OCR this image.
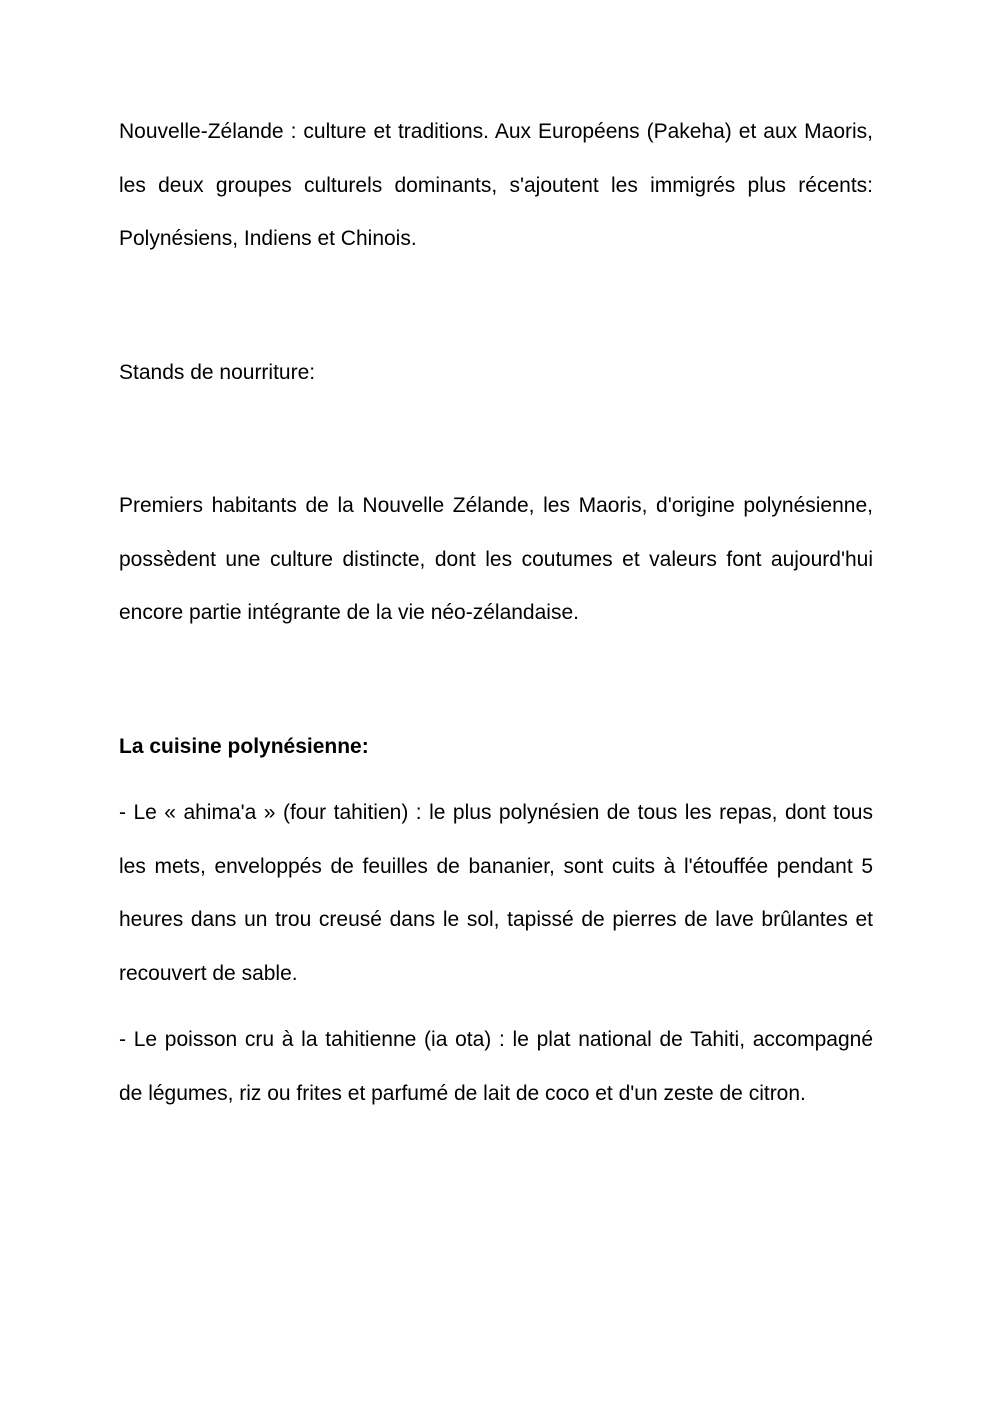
Nouvelle-Zélande : culture et traditions. Aux Européens (Pakeha) et aux Maoris, les deux groupes culturels dominants, s'ajoutent les immigrés plus récents: Polynésiens, Indiens et Chinois.

Stands de nourriture:

Premiers habitants de la Nouvelle Zélande, les Maoris, d'origine polynésienne, possèdent une culture distincte, dont les coutumes et valeurs font aujourd'hui encore partie intégrante de la vie néo-zélandaise.

La cuisine polynésienne:

- Le « ahima'a » (four tahitien) : le plus polynésien de tous les repas, dont tous les mets, enveloppés de feuilles de bananier, sont cuits à l'étouffée pendant 5 heures dans un trou creusé dans le sol, tapissé de pierres de lave brûlantes et recouvert de sable.

- Le poisson cru à la tahitienne (ia ota) : le plat national de Tahiti, accompagné de légumes, riz ou frites et parfumé de lait de coco et d'un zeste de citron.
